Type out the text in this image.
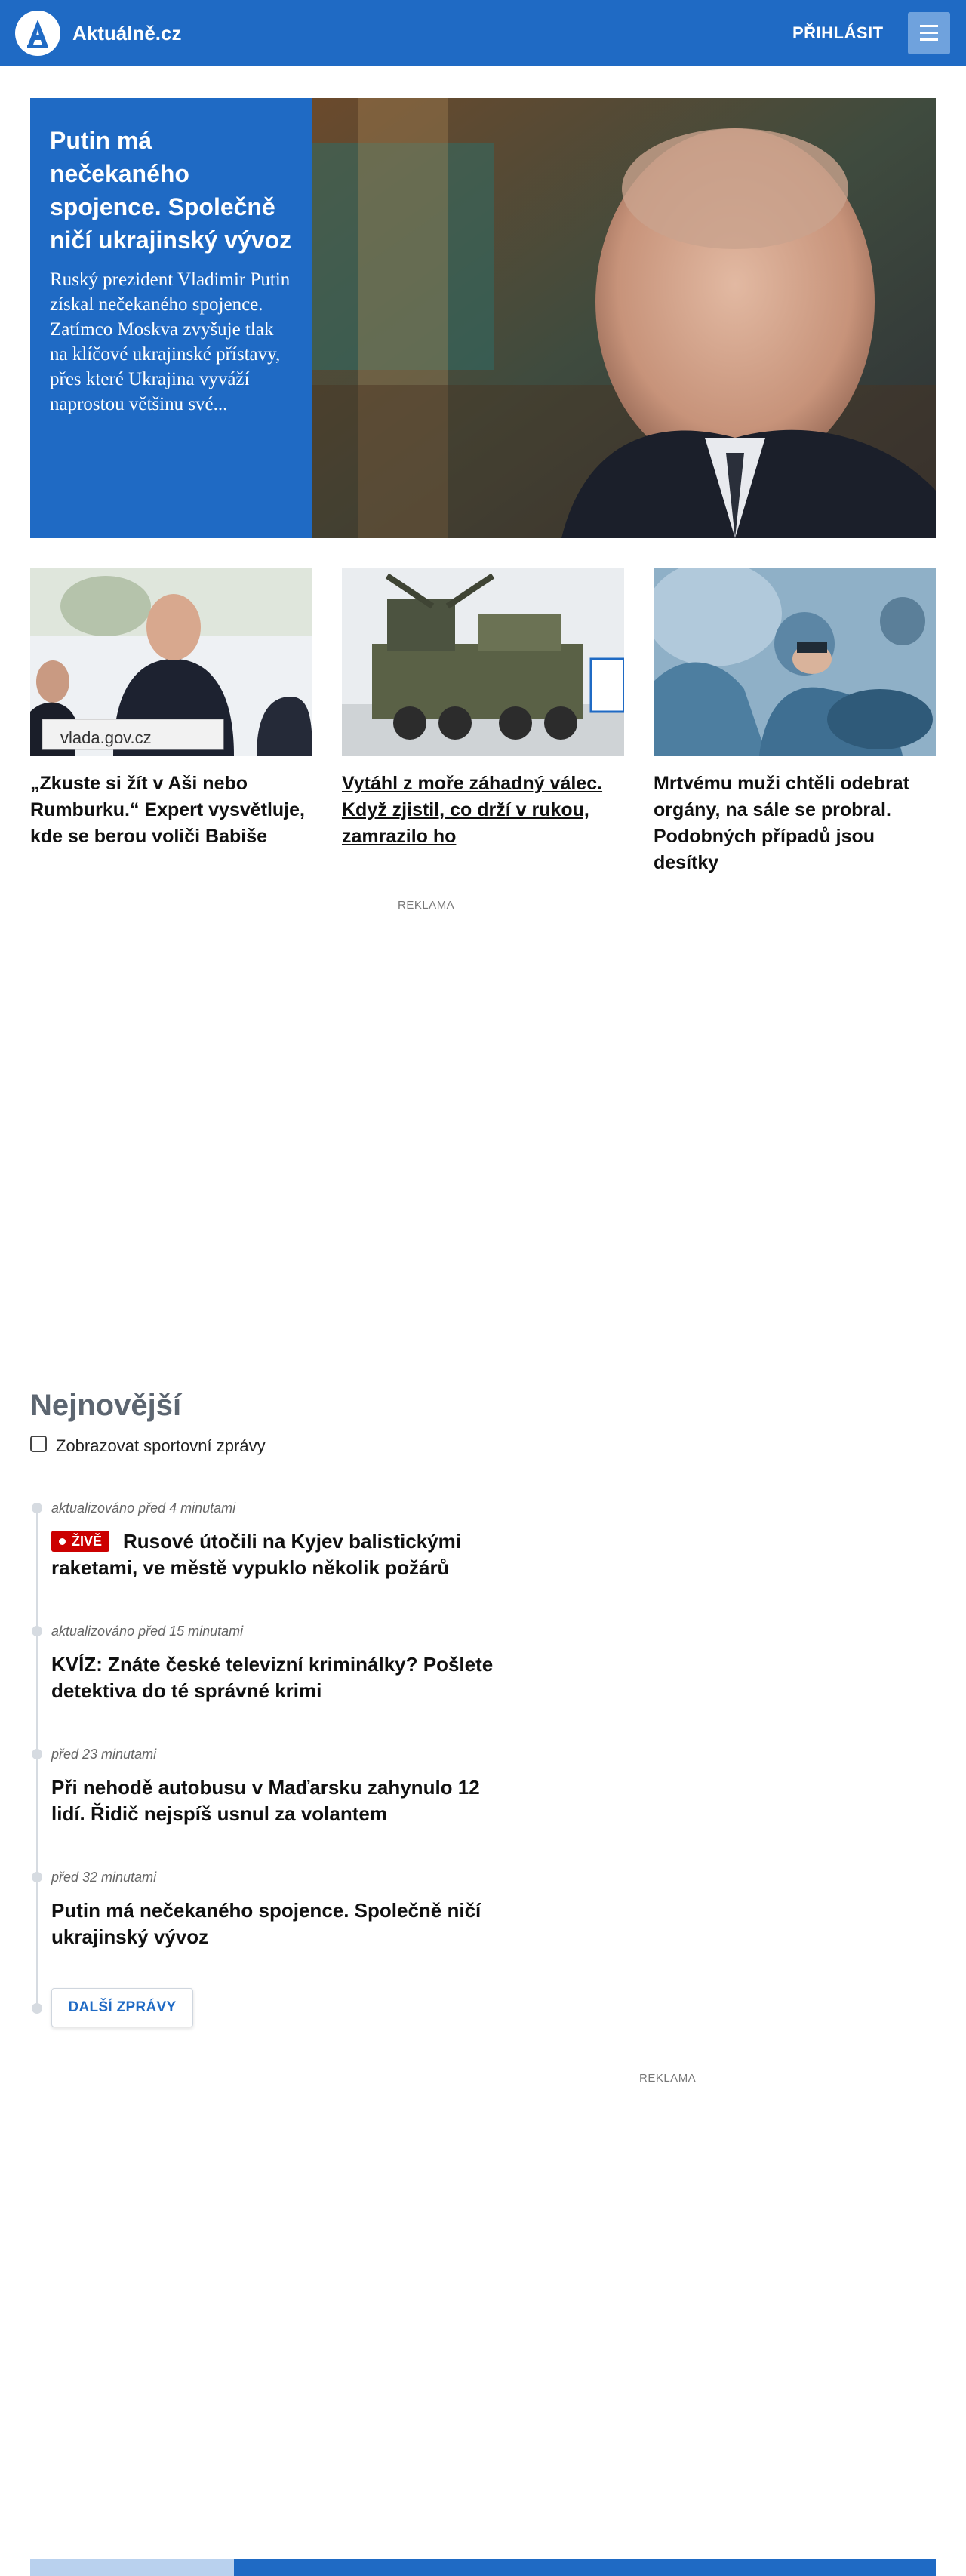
Aktuálně.cz	PŘIHLÁSIT
Putin má nečekaného spojence. Společně ničí ukrajinský vývoz
Ruský prezident Vladimir Putin získal nečekaného spojence. Zatímco Moskva zvyšuje tlak na klíčové ukrajinské přístavy, přes které Ukrajina vyváží naprostou většinu své...
vlada.gov.cz
„Zkuste si žít v Aši nebo Rumburku.“ Expert vysvětluje, kde se berou voliči Babiše
Vytáhl z moře záhadný válec. Když zjistil, co drží v rukou, zamrazilo ho
Mrtvému muži chtěli odebrat orgány, na sále se probral. Podobných případů jsou desítky
REKLAMA
Nejnovější
Zobrazovat sportovní zprávy
aktualizováno před 4 minutami
ŽIVĚ Rusové útočili na Kyjev balistickými raketami, ve městě vypuklo několik požárů
aktualizováno před 15 minutami
KVÍZ: Znáte české televizní kriminálky? Pošlete detektiva do té správné krimi
před 23 minutami
Při nehodě autobusu v Maďarsku zahynulo 12 lidí. Řidič nejspíš usnul za volantem
před 32 minutami
Putin má nečekaného spojence. Společně ničí ukrajinský vývoz
DALŠÍ ZPRÁVY
REKLAMA
